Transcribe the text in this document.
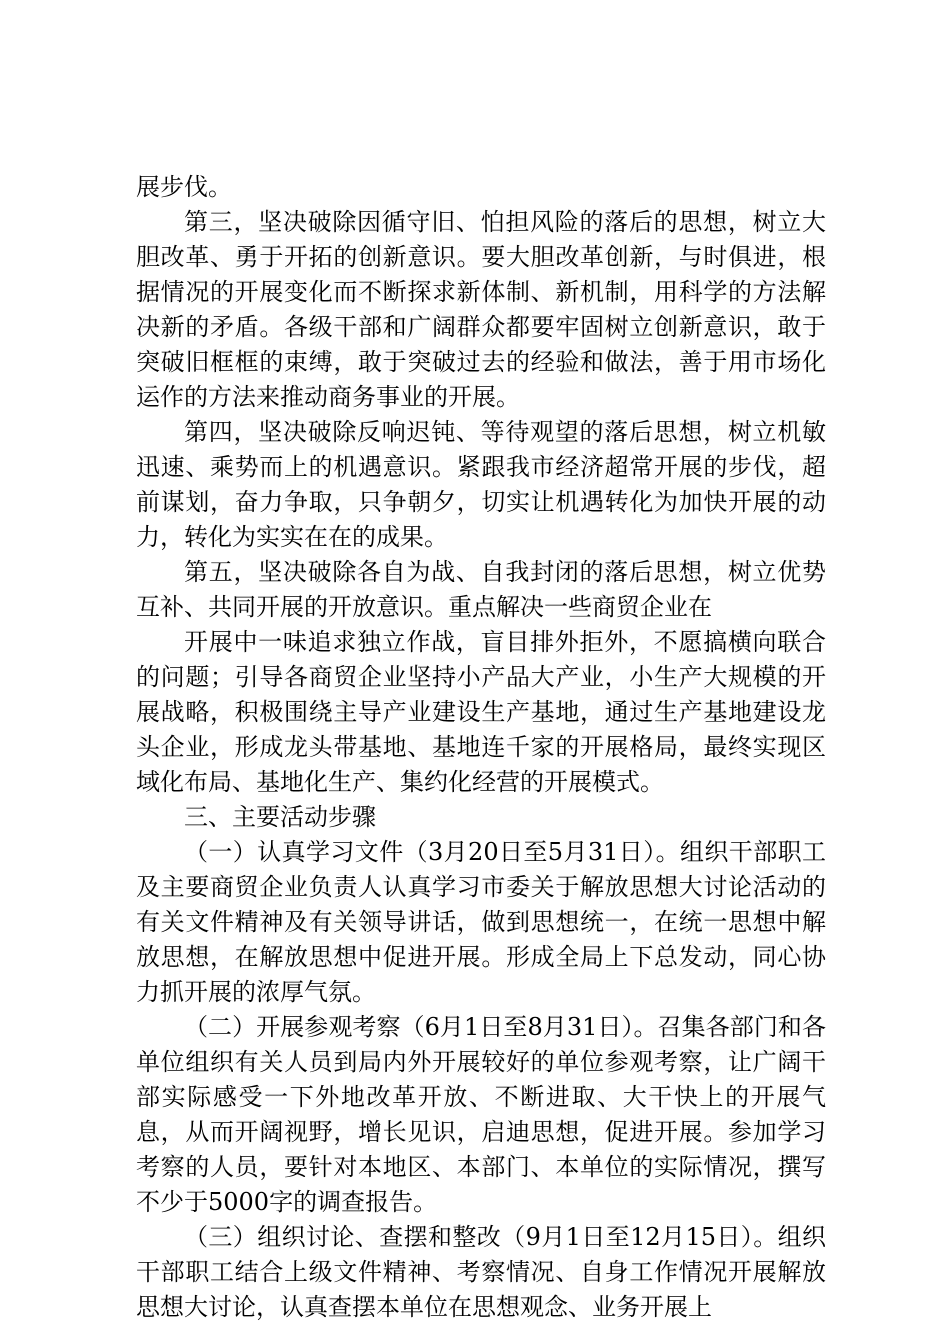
展步伐。

第三，坚决破除因循守旧、怕担风险的落后的思想，树立大胆改革、勇于开拓的创新意识。要大胆改革创新，与时俱进，根据情况的开展变化而不断探求新体制、新机制，用科学的方法解决新的矛盾。各级干部和广阔群众都要牢固树立创新意识，敢于突破旧框框的束缚，敢于突破过去的经验和做法，善于用市场化运作的方法来推动商务事业的开展。

第四，坚决破除反响迟钝、等待观望的落后思想，树立机敏迅速、乘势而上的机遇意识。紧跟我市经济超常开展的步伐，超前谋划，奋力争取，只争朝夕，切实让机遇转化为加快开展的动力，转化为实实在在的成果。

第五，坚决破除各自为战、自我封闭的落后思想，树立优势互补、共同开展的开放意识。重点解决一些商贸企业在

开展中一味追求独立作战，盲目排外拒外，不愿搞横向联合的问题；引导各商贸企业坚持小产品大产业，小生产大规模的开展战略，积极围绕主导产业建设生产基地，通过生产基地建设龙头企业，形成龙头带基地、基地连千家的开展格局，最终实现区域化布局、基地化生产、集约化经营的开展模式。

三、主要活动步骤

（一）认真学习文件（3月20日至5月31日）。组织干部职工及主要商贸企业负责人认真学习市委关于解放思想大讨论活动的有关文件精神及有关领导讲话，做到思想统一，在统一思想中解放思想，在解放思想中促进开展。形成全局上下总发动，同心协力抓开展的浓厚气氛。

（二）开展参观考察（6月1日至8月31日）。召集各部门和各单位组织有关人员到局内外开展较好的单位参观考察，让广阔干部实际感受一下外地改革开放、不断进取、大干快上的开展气息，从而开阔视野，增长见识，启迪思想，促进开展。参加学习考察的人员，要针对本地区、本部门、本单位的实际情况，撰写不少于5000字的调查报告。

（三）组织讨论、查摆和整改（9月1日至12月15日）。组织干部职工结合上级文件精神、考察情况、自身工作情况开展解放思想大讨论，认真查摆本单位在思想观念、业务开展上
